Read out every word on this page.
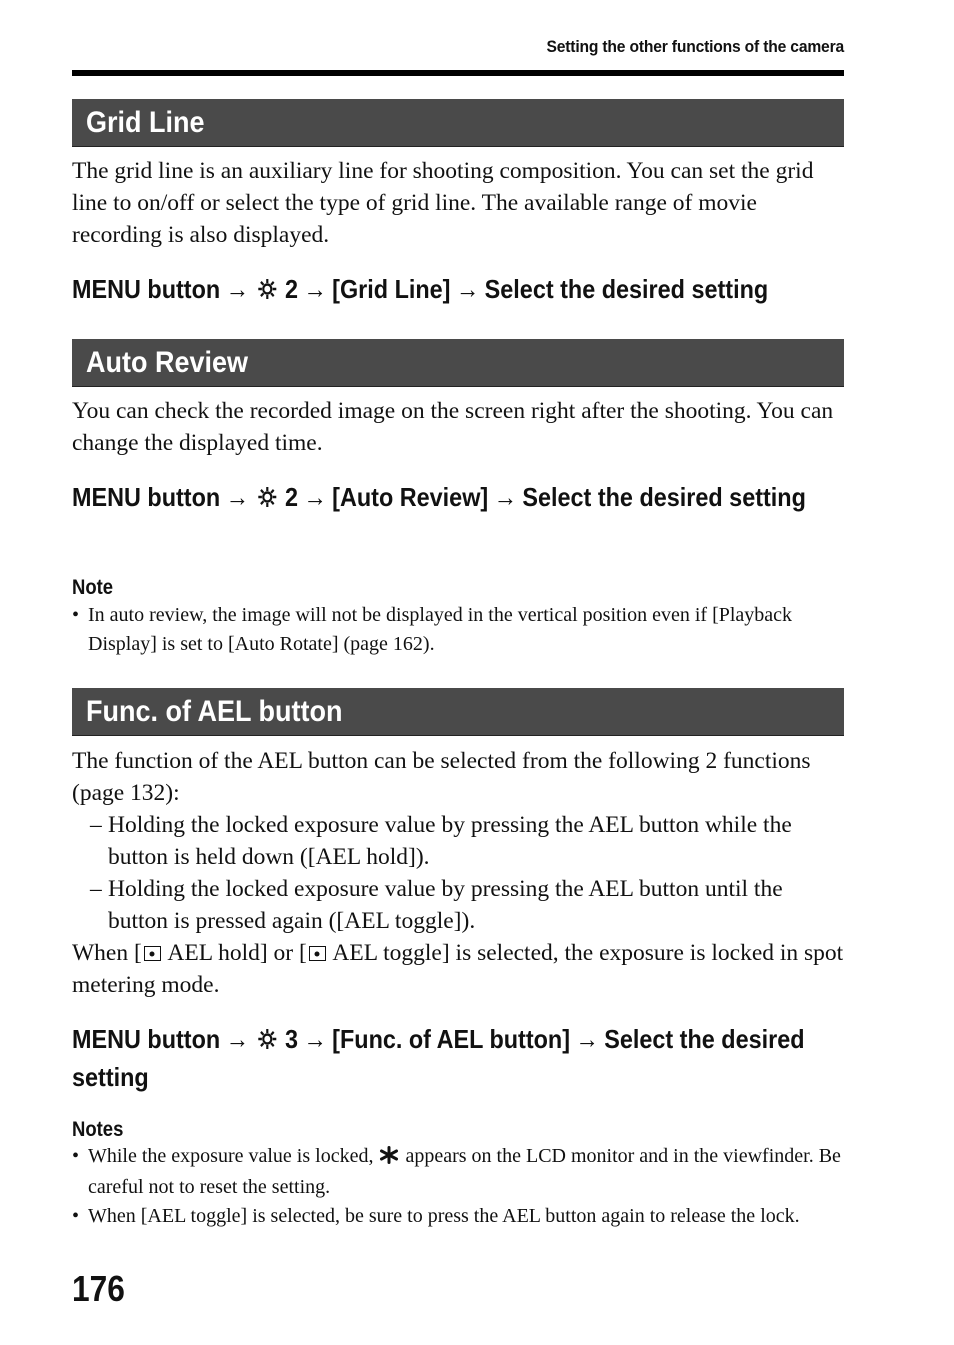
Setting the other functions of the camera
Grid Line

The grid line is an auxiliary line for shooting composition. You can set the grid line to on/off or select the type of grid line. The available range of movie recording is also displayed.

MENU button → 2 → [Grid Line] → Select the desired setting
Auto Review

You can check the recorded image on the screen right after the shooting. You can change the displayed time.

MENU button → 2 → [Auto Review] → Select the desired setting
Note
• In auto review, the image will not be displayed in the vertical position even if [Playback Display] is set to [Auto Rotate] (page 162).
Func. of AEL button

The function of the AEL button can be selected from the following 2 functions (page 132):

– Holding the locked exposure value by pressing the AEL button while the button is held down ([AEL hold]).
– Holding the locked exposure value by pressing the AEL button until the button is pressed again ([AEL toggle]).

When [ AEL hold] or [ AEL toggle] is selected, the exposure is locked in spot metering mode.

MENU button → 3 → [Func. of AEL button] → Select the desired setting
Notes
• While the exposure value is locked, appears on the LCD monitor and in the viewfinder. Be careful not to reset the setting.
• When [AEL toggle] is selected, be sure to press the AEL button again to release the lock.
176
